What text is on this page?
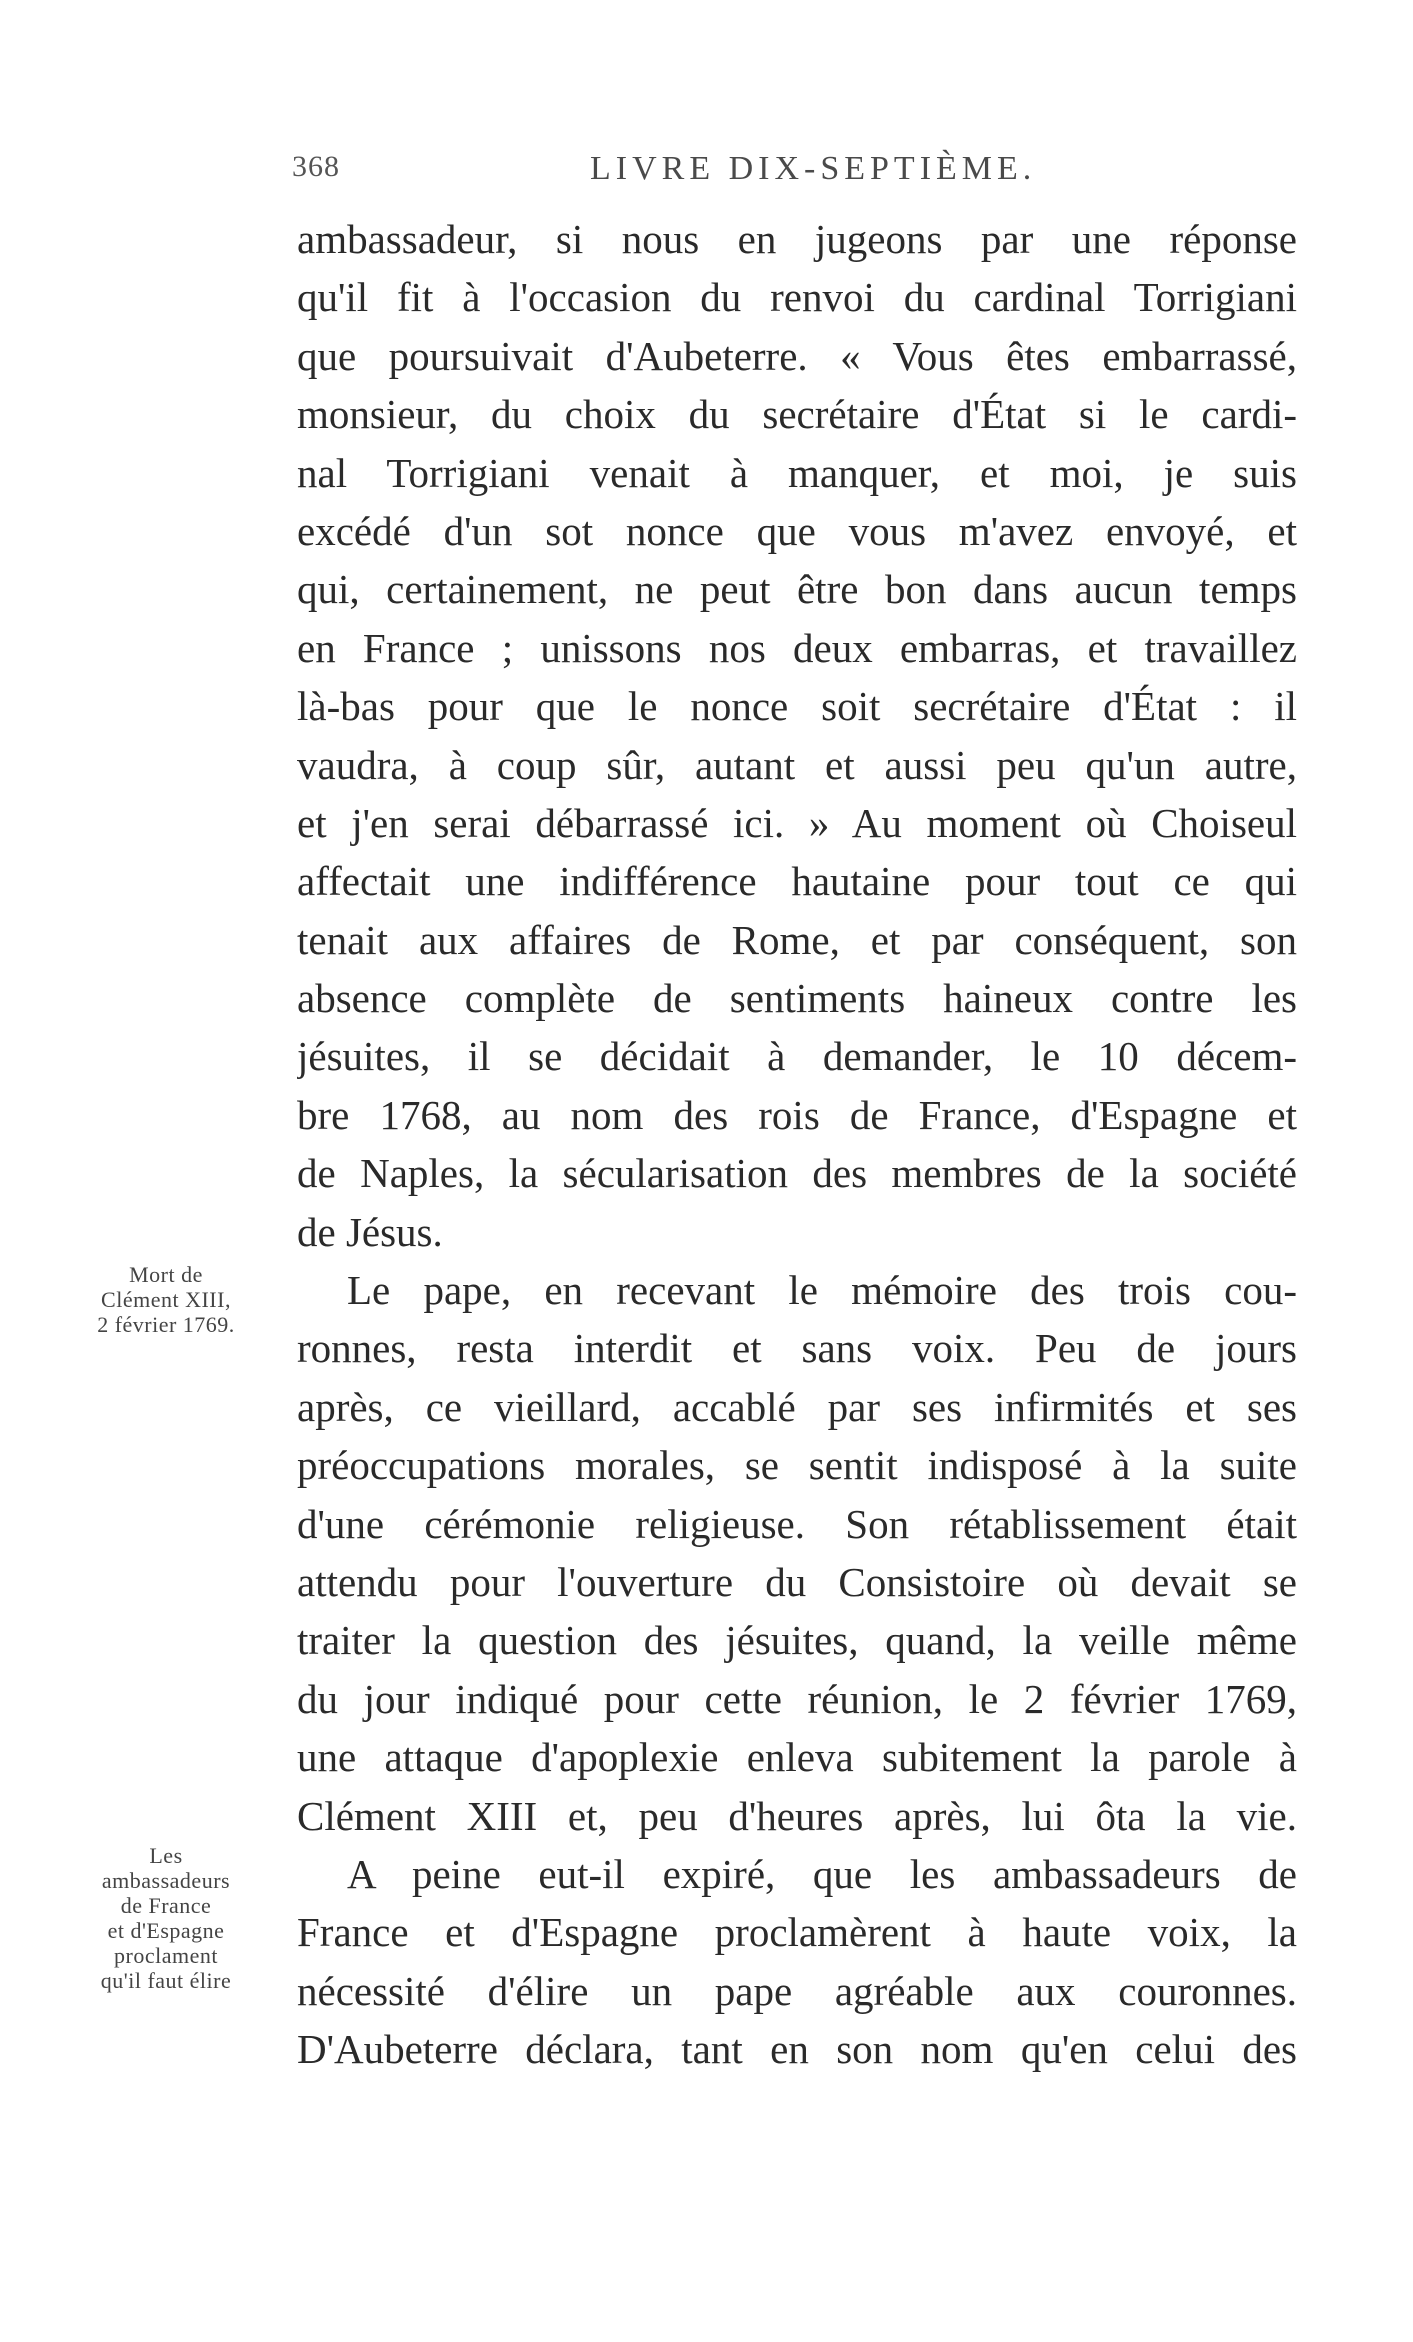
368	LIVRE DIX-SEPTIÈME.
Mort de
Clément XIII,
2 février 1769.
Les
ambassadeurs
de France
et d'Espagne
proclament
qu'il faut élire
ambassadeur, si nous en jugeons par une réponse
qu'il fit à l'occasion du renvoi du cardinal Torrigiani
que poursuivait d'Aubeterre. « Vous êtes embarrassé,
monsieur, du choix du secrétaire d'État si le cardi-
nal Torrigiani venait à manquer, et moi, je suis
excédé d'un sot nonce que vous m'avez envoyé, et
qui, certainement, ne peut être bon dans aucun temps
en France ; unissons nos deux embarras, et travaillez
là-bas pour que le nonce soit secrétaire d'État : il
vaudra, à coup sûr, autant et aussi peu qu'un autre,
et j'en serai débarrassé ici. » Au moment où Choiseul
affectait une indifférence hautaine pour tout ce qui
tenait aux affaires de Rome, et par conséquent, son
absence complète de sentiments haineux contre les
jésuites, il se décidait à demander, le 10 décem-
bre 1768, au nom des rois de France, d'Espagne et
de Naples, la sécularisation des membres de la société
de Jésus.
Le pape, en recevant le mémoire des trois cou-
ronnes, resta interdit et sans voix. Peu de jours
après, ce vieillard, accablé par ses infirmités et ses
préoccupations morales, se sentit indisposé à la suite
d'une cérémonie religieuse. Son rétablissement était
attendu pour l'ouverture du Consistoire où devait se
traiter la question des jésuites, quand, la veille même
du jour indiqué pour cette réunion, le 2 février 1769,
une attaque d'apoplexie enleva subitement la parole à
Clément XIII et, peu d'heures après, lui ôta la vie.
A peine eut-il expiré, que les ambassadeurs de
France et d'Espagne proclamèrent à haute voix, la
nécessité d'élire un pape agréable aux couronnes.
D'Aubeterre déclara, tant en son nom qu'en celui des
